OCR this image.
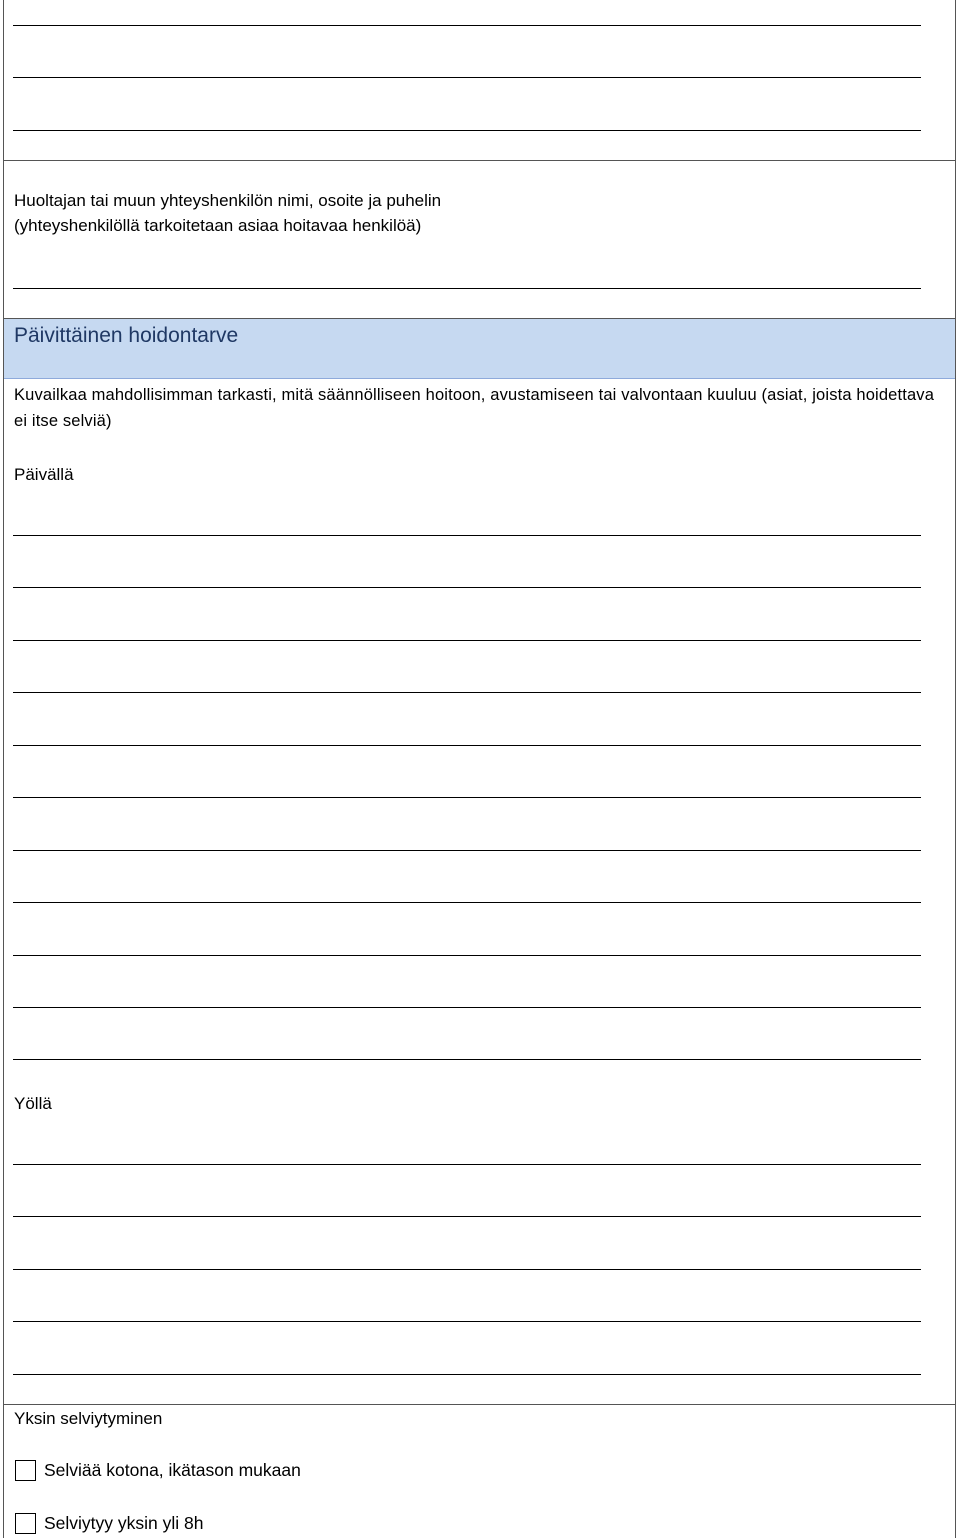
Huoltajan tai muun yhteyshenkilön nimi, osoite ja puhelin
(yhteyshenkilöllä tarkoitetaan asiaa hoitavaa henkilöä)
Päivittäinen hoidontarve
Kuvailkaa mahdollisimman tarkasti, mitä säännölliseen hoitoon, avustamiseen tai valvontaan kuuluu (asiat, joista hoidettava ei itse selviä)
Päivällä
Yöllä
Yksin selviytyminen
Selviää kotona, ikätason mukaan
Selviytyy yksin yli 8h
